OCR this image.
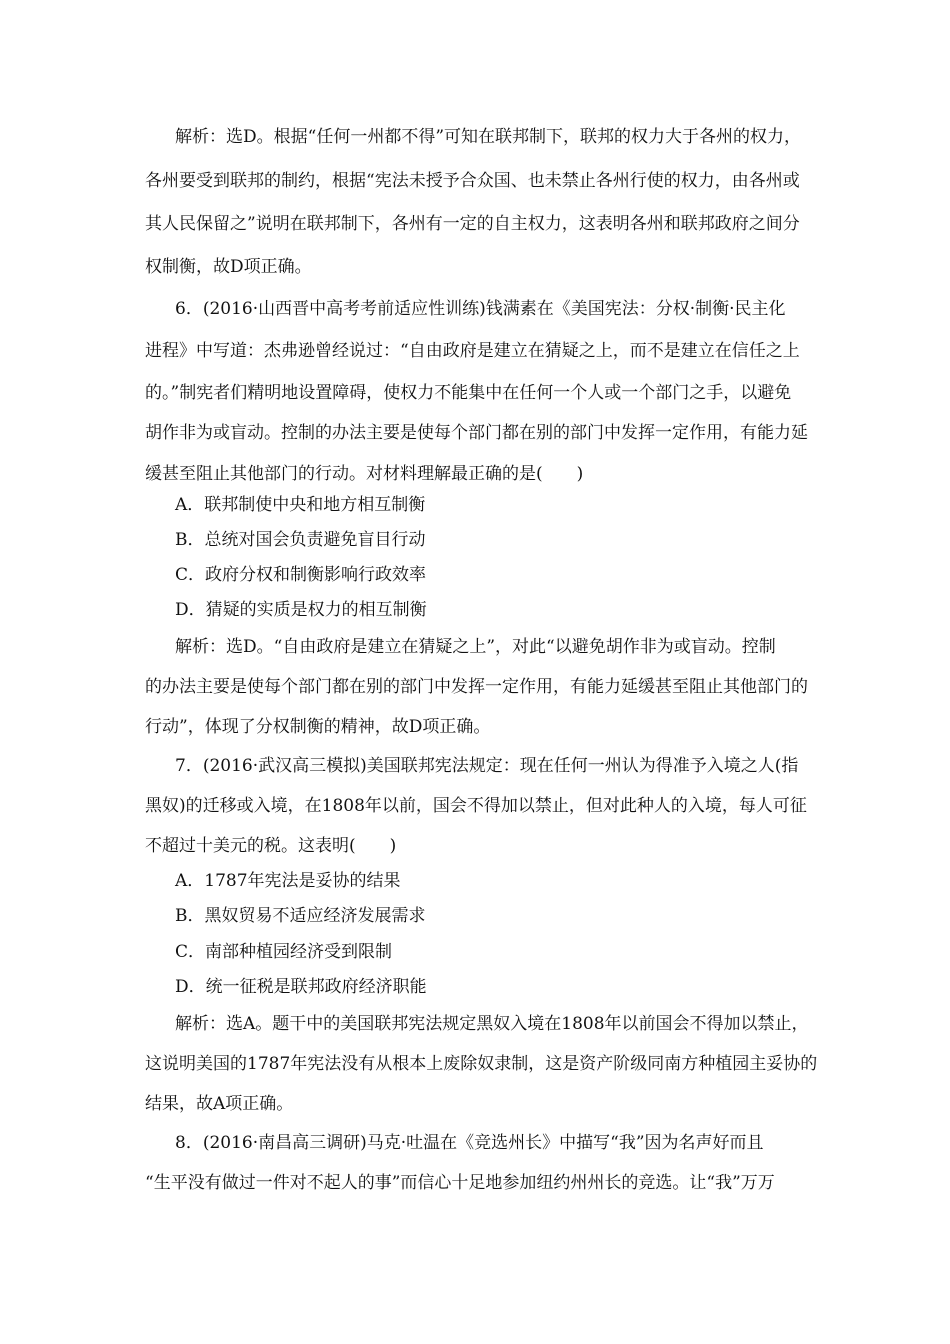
解析：选D。根据“任何一州都不得”可知在联邦制下，联邦的权力大于各州的权力，
各州要受到联邦的制约，根据“宪法未授予合众国、也未禁止各州行使的权力，由各州或
其人民保留之”说明在联邦制下，各州有一定的自主权力，这表明各州和联邦政府之间分
权制衡，故D项正确。
6．(2016·山西晋中高考考前适应性训练)钱满素在《美国宪法：分权·制衡·民主化
进程》中写道：杰弗逊曾经说过：“自由政府是建立在猜疑之上，而不是建立在信任之上
的。”制宪者们精明地设置障碍，使权力不能集中在任何一个人或一个部门之手，以避免
胡作非为或盲动。控制的办法主要是使每个部门都在别的部门中发挥一定作用，有能力延
缓甚至阻止其他部门的行动。对材料理解最正确的是(　　)
A．联邦制使中央和地方相互制衡
B．总统对国会负责避免盲目行动
C．政府分权和制衡影响行政效率
D．猜疑的实质是权力的相互制衡
解析：选D。“自由政府是建立在猜疑之上”，对此“以避免胡作非为或盲动。控制
的办法主要是使每个部门都在别的部门中发挥一定作用，有能力延缓甚至阻止其他部门的
行动”，体现了分权制衡的精神，故D项正确。
7．(2016·武汉高三模拟)美国联邦宪法规定：现在任何一州认为得准予入境之人(指
黑奴)的迁移或入境，在1808年以前，国会不得加以禁止，但对此种人的入境，每人可征
不超过十美元的税。这表明(　　)
A．1787年宪法是妥协的结果
B．黑奴贸易不适应经济发展需求
C．南部种植园经济受到限制
D．统一征税是联邦政府经济职能
解析：选A。题干中的美国联邦宪法规定黑奴入境在1808年以前国会不得加以禁止，
这说明美国的1787年宪法没有从根本上废除奴隶制，这是资产阶级同南方种植园主妥协的
结果，故A项正确。
8．(2016·南昌高三调研)马克·吐温在《竞选州长》中描写“我”因为名声好而且
“生平没有做过一件对不起人的事”而信心十足地参加纽约州州长的竞选。让“我”万万
